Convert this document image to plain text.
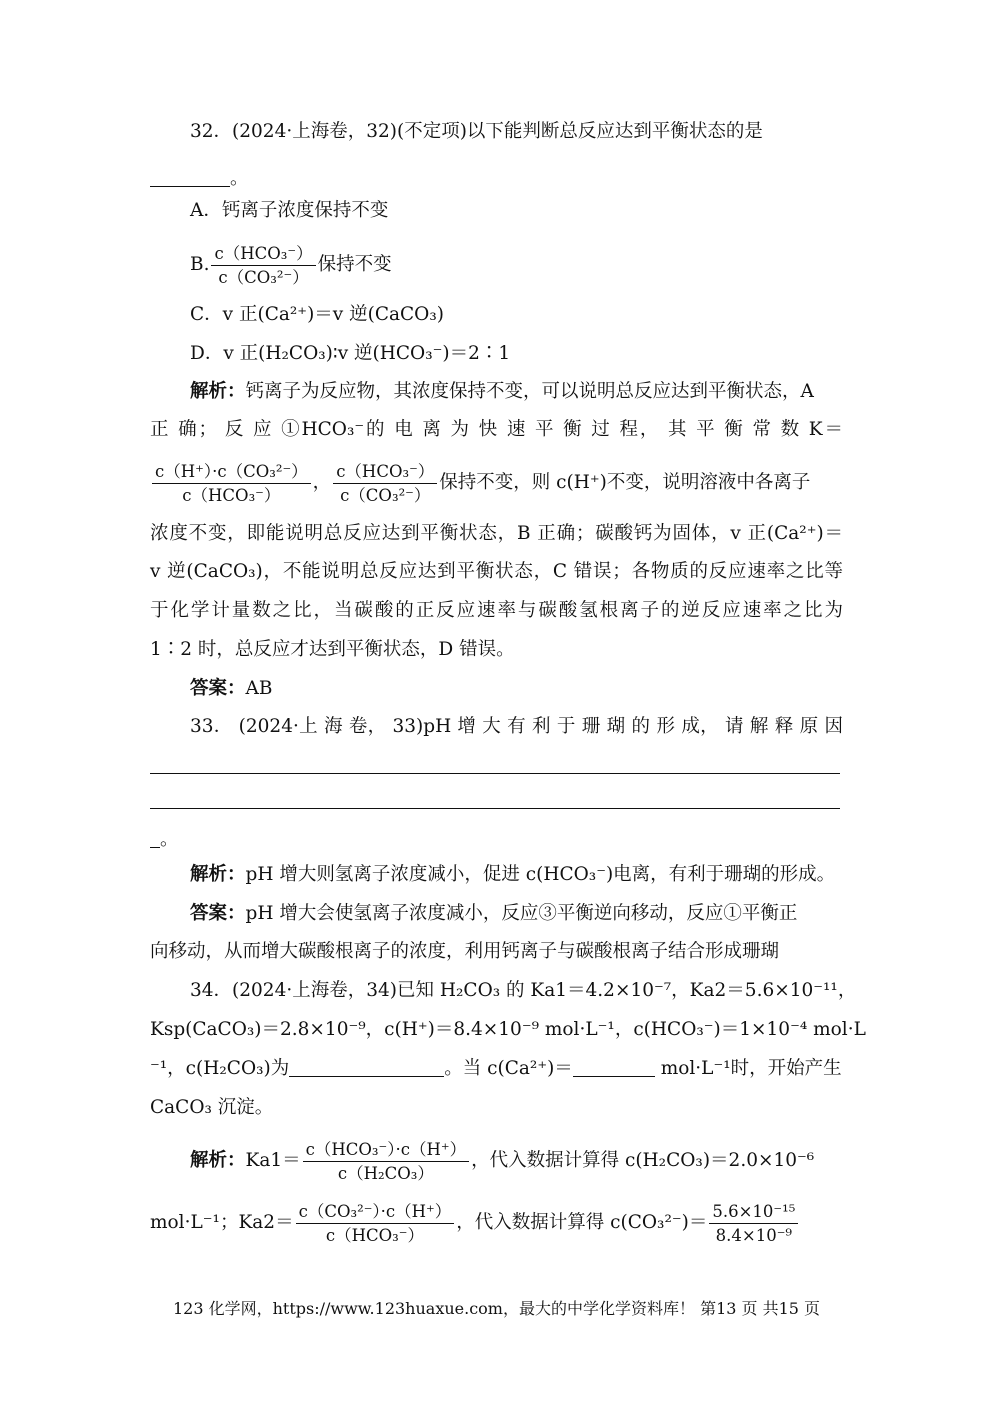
32．(2024·上海卷，32)(不定项)以下能判断总反应达到平衡状态的是
。
A．钙离子浓度保持不变
B. $\frac{\text{c（HCO₃⁻）}}{\text{c（CO₃²⁻）}}$ 保持不变
C．v 正(Ca²⁺)＝v 逆(CaCO₃)
D．v 正(H₂CO₃)∶v 逆(HCO₃⁻)＝2∶1
解析：钙离子为反应物，其浓度保持不变，可以说明总反应达到平衡状态，A
正 确； 反 应 ①HCO₃⁻的 电 离 为 快 速 平 衡 过 程， 其 平 衡 常 数 K＝
$\frac{\text{c（H⁺）·c（CO₃²⁻）}}{\text{c（HCO₃⁻）}}$ ， $\frac{\text{c（HCO₃⁻）}}{\text{c（CO₃²⁻）}}$ 保持不变，则 c(H⁺)不变，说明溶液中各离子
浓度不变，即能说明总反应达到平衡状态，B 正确；碳酸钙为固体，v 正(Ca²⁺)＝
v 逆(CaCO₃)，不能说明总反应达到平衡状态，C 错误；各物质的反应速率之比等
于化学计量数之比，当碳酸的正反应速率与碳酸氢根离子的逆反应速率之比为
1∶2 时，总反应才达到平衡状态，D 错误。
答案：AB
33． (2024·上 海 卷， 33)pH 增 大 有 利 于 珊 瑚 的 形 成， 请 解 释 原 因
。
解析：pH 增大则氢离子浓度减小，促进 c(HCO₃⁻)电离，有利于珊瑚的形成。
答案：pH 增大会使氢离子浓度减小，反应③平衡逆向移动，反应①平衡正
向移动，从而增大碳酸根离子的浓度，利用钙离子与碳酸根离子结合形成珊瑚
34．(2024·上海卷，34)已知 H₂CO₃ 的 Ka1＝4.2×10⁻⁷，Ka2＝5.6×10⁻¹¹，
Ksp(CaCO₃)＝2.8×10⁻⁹，c(H⁺)＝8.4×10⁻⁹ mol·L⁻¹，c(HCO₃⁻)＝1×10⁻⁴ mol·L
⁻¹，c(H₂CO₃)为	。当 c(Ca²⁺)＝	mol·L⁻¹时，开始产生
CaCO₃ 沉淀。
解析：$Ka1= \frac{\text{c（HCO₃⁻）·c（H⁺）}}{\text{c（H₂CO₃）}}$ ，代入数据计算得 c(H₂CO₃)＝2.0×10⁻⁶
mol·L⁻¹；$Ka2= \frac{\text{c（CO₃²⁻）·c（H⁺）}}{\text{c（HCO₃⁻）}}$ ，代入数据计算得 $c(CO_3^{2-})= \frac{\text{5.6×10⁻¹⁵}}{\text{8.4×10⁻⁹}}$
123 化学网，https://www.123huaxue.com，最大的中学化学资料库！ 第13 页 共15 页
